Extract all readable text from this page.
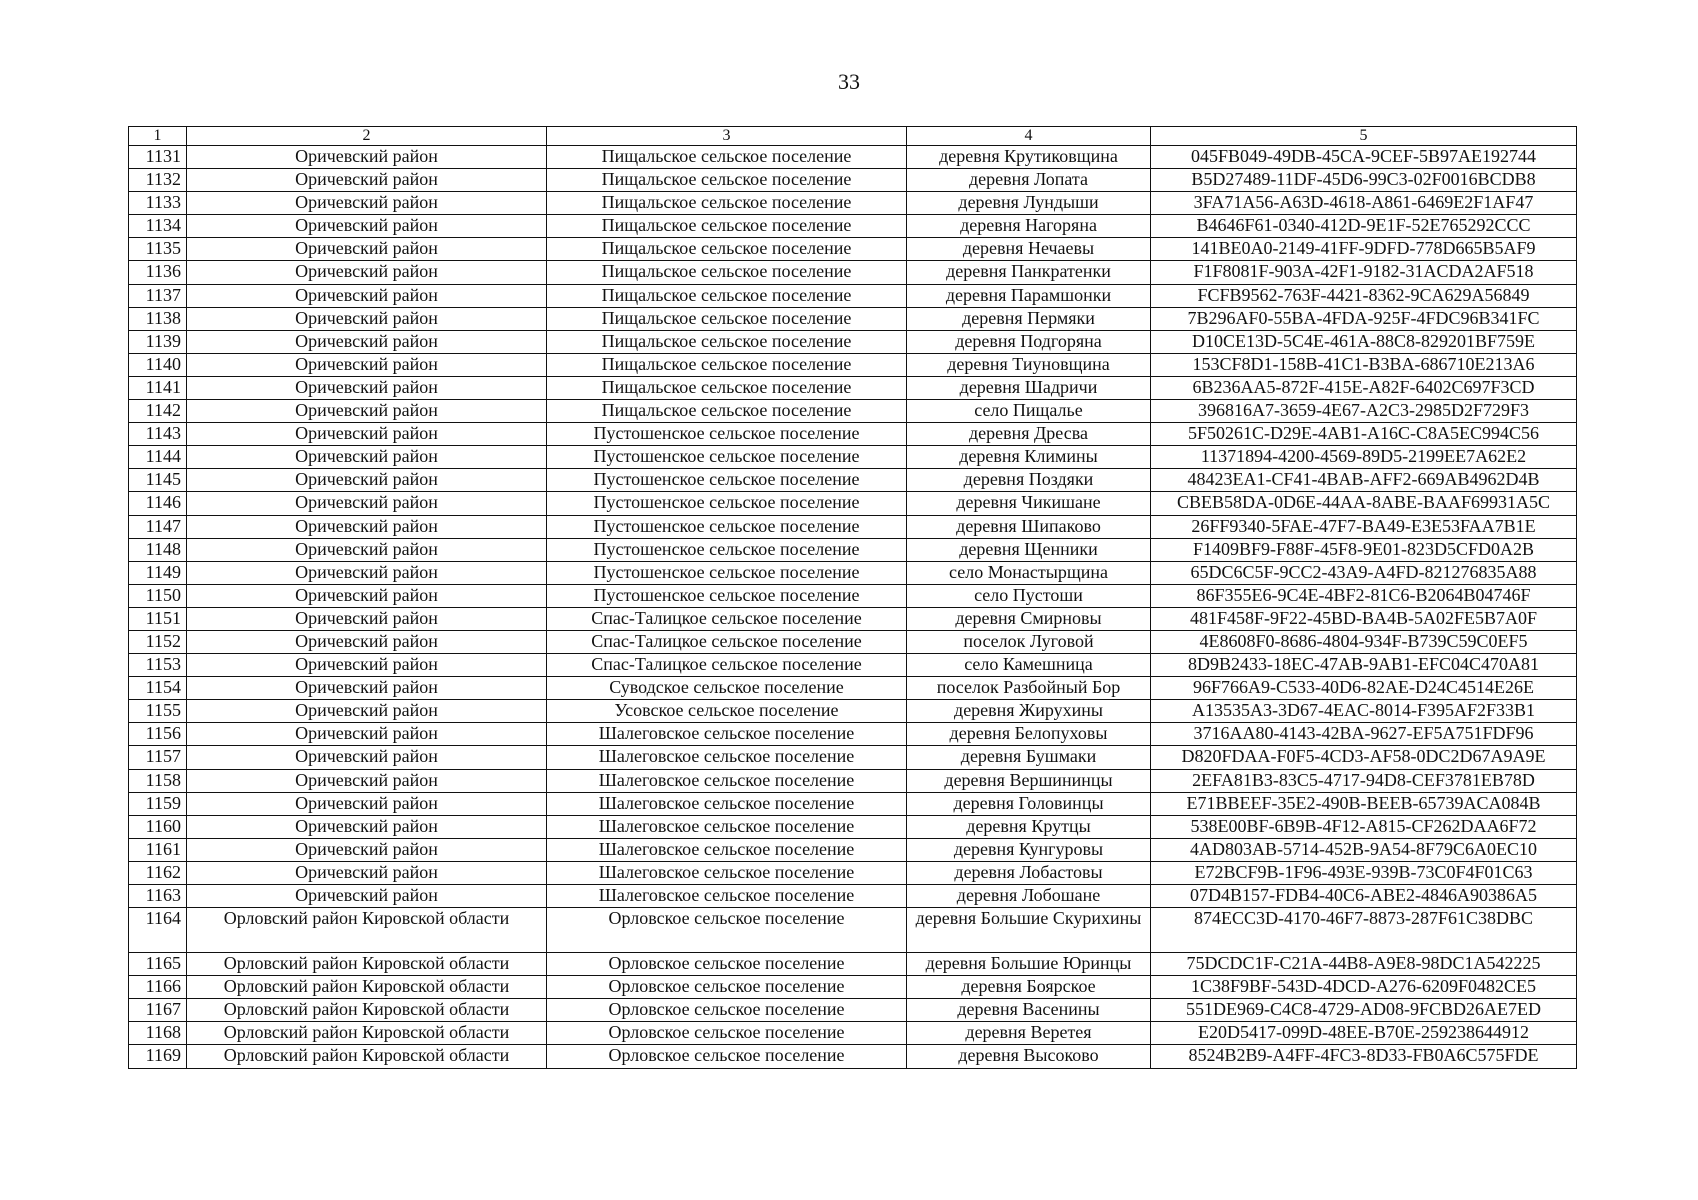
33
1	2	3	4	5
1131	Оричевский район	Пищальское сельское поселение	деревня Крутиковщина	045FB049-49DB-45CA-9CEF-5B97AE192744
1132	Оричевский район	Пищальское сельское поселение	деревня Лопата	B5D27489-11DF-45D6-99C3-02F0016BCDB8
1133	Оричевский район	Пищальское сельское поселение	деревня Лундыши	3FA71A56-A63D-4618-A861-6469E2F1AF47
1134	Оричевский район	Пищальское сельское поселение	деревня Нагоряна	B4646F61-0340-412D-9E1F-52E765292CCC
1135	Оричевский район	Пищальское сельское поселение	деревня Нечаевы	141BE0A0-2149-41FF-9DFD-778D665B5AF9
1136	Оричевский район	Пищальское сельское поселение	деревня Панкратенки	F1F8081F-903A-42F1-9182-31ACDA2AF518
1137	Оричевский район	Пищальское сельское поселение	деревня Парамшонки	FCFB9562-763F-4421-8362-9CA629A56849
1138	Оричевский район	Пищальское сельское поселение	деревня Пермяки	7B296AF0-55BA-4FDA-925F-4FDC96B341FC
1139	Оричевский район	Пищальское сельское поселение	деревня Подгоряна	D10CE13D-5C4E-461A-88C8-829201BF759E
1140	Оричевский район	Пищальское сельское поселение	деревня Тиуновщина	153CF8D1-158B-41C1-B3BA-686710E213A6
1141	Оричевский район	Пищальское сельское поселение	деревня Шадричи	6B236AA5-872F-415E-A82F-6402C697F3CD
1142	Оричевский район	Пищальское сельское поселение	село Пищалье	396816A7-3659-4E67-A2C3-2985D2F729F3
1143	Оричевский район	Пустошенское сельское поселение	деревня Дресва	5F50261C-D29E-4AB1-A16C-C8A5EC994C56
1144	Оричевский район	Пустошенское сельское поселение	деревня Климины	11371894-4200-4569-89D5-2199EE7A62E2
1145	Оричевский район	Пустошенское сельское поселение	деревня Поздяки	48423EA1-CF41-4BAB-AFF2-669AB4962D4B
1146	Оричевский район	Пустошенское сельское поселение	деревня Чикишане	CBEB58DA-0D6E-44AA-8ABE-BAAF69931A5C
1147	Оричевский район	Пустошенское сельское поселение	деревня Шипаково	26FF9340-5FAE-47F7-BA49-E3E53FAA7B1E
1148	Оричевский район	Пустошенское сельское поселение	деревня Щенники	F1409BF9-F88F-45F8-9E01-823D5CFD0A2B
1149	Оричевский район	Пустошенское сельское поселение	село Монастырщина	65DC6C5F-9CC2-43A9-A4FD-821276835A88
1150	Оричевский район	Пустошенское сельское поселение	село Пустоши	86F355E6-9C4E-4BF2-81C6-B2064B04746F
1151	Оричевский район	Спас-Талицкое сельское поселение	деревня Смирновы	481F458F-9F22-45BD-BA4B-5A02FE5B7A0F
1152	Оричевский район	Спас-Талицкое сельское поселение	поселок Луговой	4E8608F0-8686-4804-934F-B739C59C0EF5
1153	Оричевский район	Спас-Талицкое сельское поселение	село Камешница	8D9B2433-18EC-47AB-9AB1-EFC04C470A81
1154	Оричевский район	Суводское сельское поселение	поселок Разбойный Бор	96F766A9-C533-40D6-82AE-D24C4514E26E
1155	Оричевский район	Усовское сельское поселение	деревня Жирухины	A13535A3-3D67-4EAC-8014-F395AF2F33B1
1156	Оричевский район	Шалеговское сельское поселение	деревня Белопуховы	3716AA80-4143-42BA-9627-EF5A751FDF96
1157	Оричевский район	Шалеговское сельское поселение	деревня Бушмаки	D820FDAA-F0F5-4CD3-AF58-0DC2D67A9A9E
1158	Оричевский район	Шалеговское сельское поселение	деревня Вершининцы	2EFA81B3-83C5-4717-94D8-CEF3781EB78D
1159	Оричевский район	Шалеговское сельское поселение	деревня Головинцы	E71BBEEF-35E2-490B-BEEB-65739ACA084B
1160	Оричевский район	Шалеговское сельское поселение	деревня Крутцы	538E00BF-6B9B-4F12-A815-CF262DAA6F72
1161	Оричевский район	Шалеговское сельское поселение	деревня Кунгуровы	4AD803AB-5714-452B-9A54-8F79C6A0EC10
1162	Оричевский район	Шалеговское сельское поселение	деревня Лобастовы	E72BCF9B-1F96-493E-939B-73C0F4F01C63
1163	Оричевский район	Шалеговское сельское поселение	деревня Лобошане	07D4B157-FDB4-40C6-ABE2-4846A90386A5
1164	Орловский район Кировской области	Орловское сельское поселение	деревня Большие Скурихины	874ECC3D-4170-46F7-8873-287F61C38DBC
1165	Орловский район Кировской области	Орловское сельское поселение	деревня Большие Юринцы	75DCDC1F-C21A-44B8-A9E8-98DC1A542225
1166	Орловский район Кировской области	Орловское сельское поселение	деревня Боярское	1C38F9BF-543D-4DCD-A276-6209F0482CE5
1167	Орловский район Кировской области	Орловское сельское поселение	деревня Васенины	551DE969-C4C8-4729-AD08-9FCBD26AE7ED
1168	Орловский район Кировской области	Орловское сельское поселение	деревня Веретея	E20D5417-099D-48EE-B70E-259238644912
1169	Орловский район Кировской области	Орловское сельское поселение	деревня Высоково	8524B2B9-A4FF-4FC3-8D33-FB0A6C575FDE
